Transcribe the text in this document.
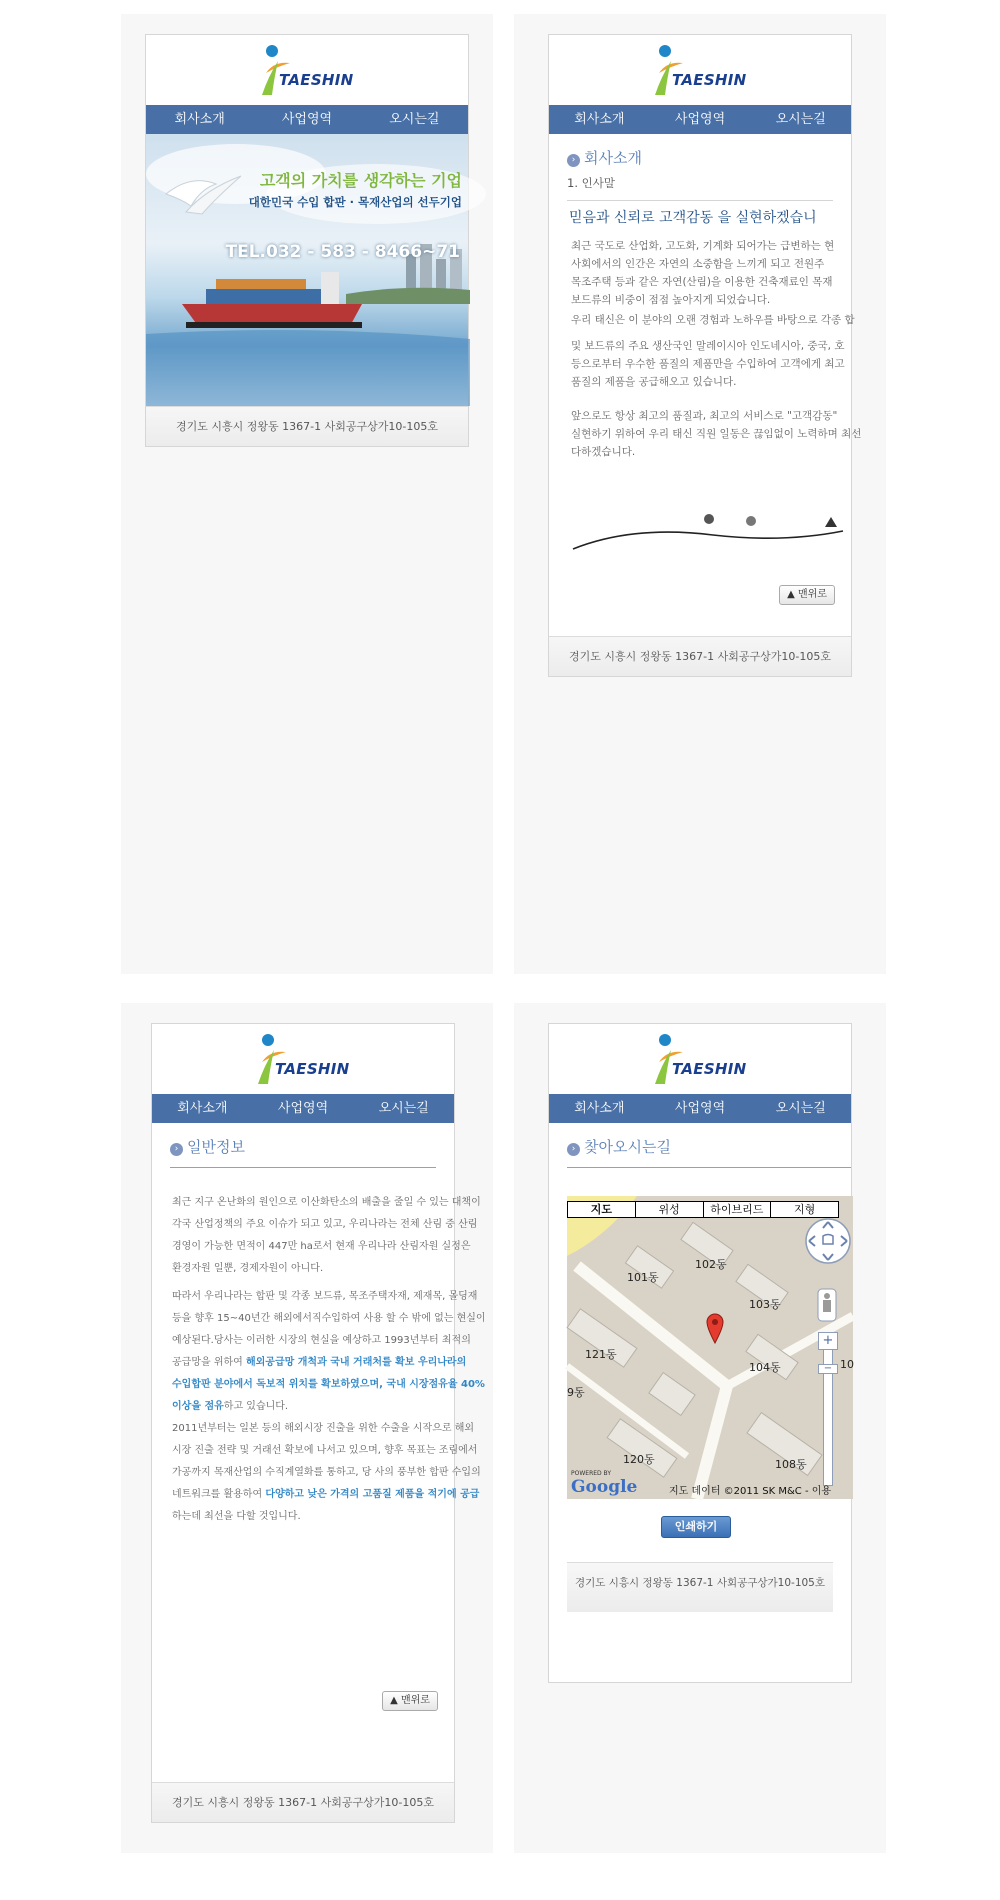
TAESHIN
회사소개	사업영역	오시는길
고객의 가치를 생각하는 기업
대한민국 수입 합판 · 목재산업의 선두기업
TEL.032 - 583 - 8466~71
경기도 시흥시 정왕동 1367-1 사회공구상가10-105호
TAESHIN
회사소개	사업영역	오시는길
› 회사소개
1. 인사말
믿음과 신뢰로 고객감동 을 실현하겠습니
최근 국도로 산업화, 고도화, 기계화 되어가는 급변하는 현
사회에서의 인간은 자연의 소중함을 느끼게 되고 전원주
목조주택 등과 같은 자연(산림)을 이용한 건축재료인 목재
보드류의 비중이 점점 높아지게 되었습니다.
우리 태신은 이 분야의 오랜 경험과 노하우를 바탕으로 각종 합
및 보드류의 주요 생산국인 말레이시아 인도네시아, 중국, 호
등으로부터 우수한 품질의 제품만을 수입하여 고객에게 최고
품질의 제품을 공급해오고 있습니다.
앞으로도 항상 최고의 품질과, 최고의 서비스로 "고객감동"
실현하기 위하여 우리 태신 직원 일동은 끊임없이 노력하며 최선
다하겠습니다.
▲ 맨위로
경기도 시흥시 정왕동 1367-1 사회공구상가10-105호
TAESHIN
회사소개	사업영역	오시는길
› 일반정보
최근 지구 온난화의 원인으로 이산화탄소의 배출을 줄일 수 있는 대책이
각국 산업정책의 주요 이슈가 되고 있고, 우리나라는 전체 산림 중 산림
경영이 가능한 면적이 447만 ha로서 현재 우리나라 산림자원 실정은
환경자원 일뿐, 경제자원이 아니다.
따라서 우리나라는 합판 및 각종 보드류, 목조주택자재, 제재목, 몰딩재
등을 향후 15~40년간 해외에서직수입하여 사용 할 수 밖에 없는 현실이
예상된다.당사는 이러한 시장의 현실을 예상하고 1993년부터 최적의
공급망을 위하여 해외공급망 개척과 국내 거래처를 확보 우리나라의
수입합판 분야에서 독보적 위치를 확보하였으며, 국내 시장점유율 40%
이상을 점유하고 있습니다.
2011년부터는 일본 등의 해외시장 진출을 위한 수출을 시작으로 해외
시장 진출 전략 및 거래선 확보에 나서고 있으며, 향후 목표는 조림에서
가공까지 목재산업의 수직계열화를 통하고, 당 사의 풍부한 합판 수입의
네트워크를 활용하여 다양하고 낮은 가격의 고품질 제품을 적기에 공급
하는데 최선을 다할 것입니다.
▲ 맨위로
경기도 시흥시 정왕동 1367-1 사회공구상가10-105호
TAESHIN
회사소개	사업영역	오시는길
› 찾아오시는길
지도	위성	하이브리드	지형
101동
102동
103동
104동
121동
120동	108동
9동
10
+
−
POWERED BY
Google	지도 데이터 ©2011 SK M&C - 이용
인쇄하기
경기도 시흥시 정왕동 1367-1 사회공구상가10-105호
